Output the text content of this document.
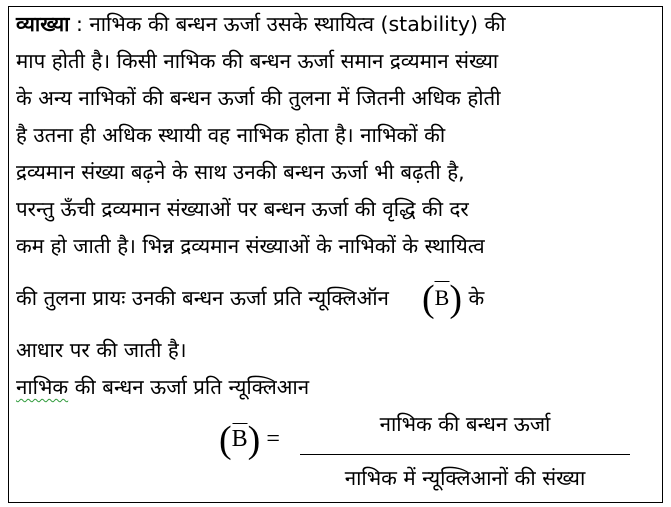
व्याख्या : नाभिक की बन्धन ऊर्जा उसके स्थायित्व (stability) की
माप होती है। किसी नाभिक की बन्धन ऊर्जा समान द्रव्यमान संख्या
के अन्य नाभिकों की बन्धन ऊर्जा की तुलना में जितनी अधिक होती
है उतना ही अधिक स्थायी वह नाभिक होता है। नाभिकों की
द्रव्यमान संख्या बढ़ने के साथ उनकी बन्धन ऊर्जा भी बढ़ती है,
परन्तु ऊँची द्रव्यमान संख्याओं पर बन्धन ऊर्जा की वृद्धि की दर
कम हो जाती है। भिन्न द्रव्यमान संख्याओं के नाभिकों के स्थायित्व
की तुलना प्रायः उनकी बन्धन ऊर्जा प्रति न्यूक्लिऑन (
B) के
आधार पर की जाती है।
नाभिक की बन्धन ऊर्जा प्रति न्यूक्लिआन
(
B) =
नाभिक की बन्धन ऊर्जा
नाभिक में न्यूक्लिआनों की संख्या
